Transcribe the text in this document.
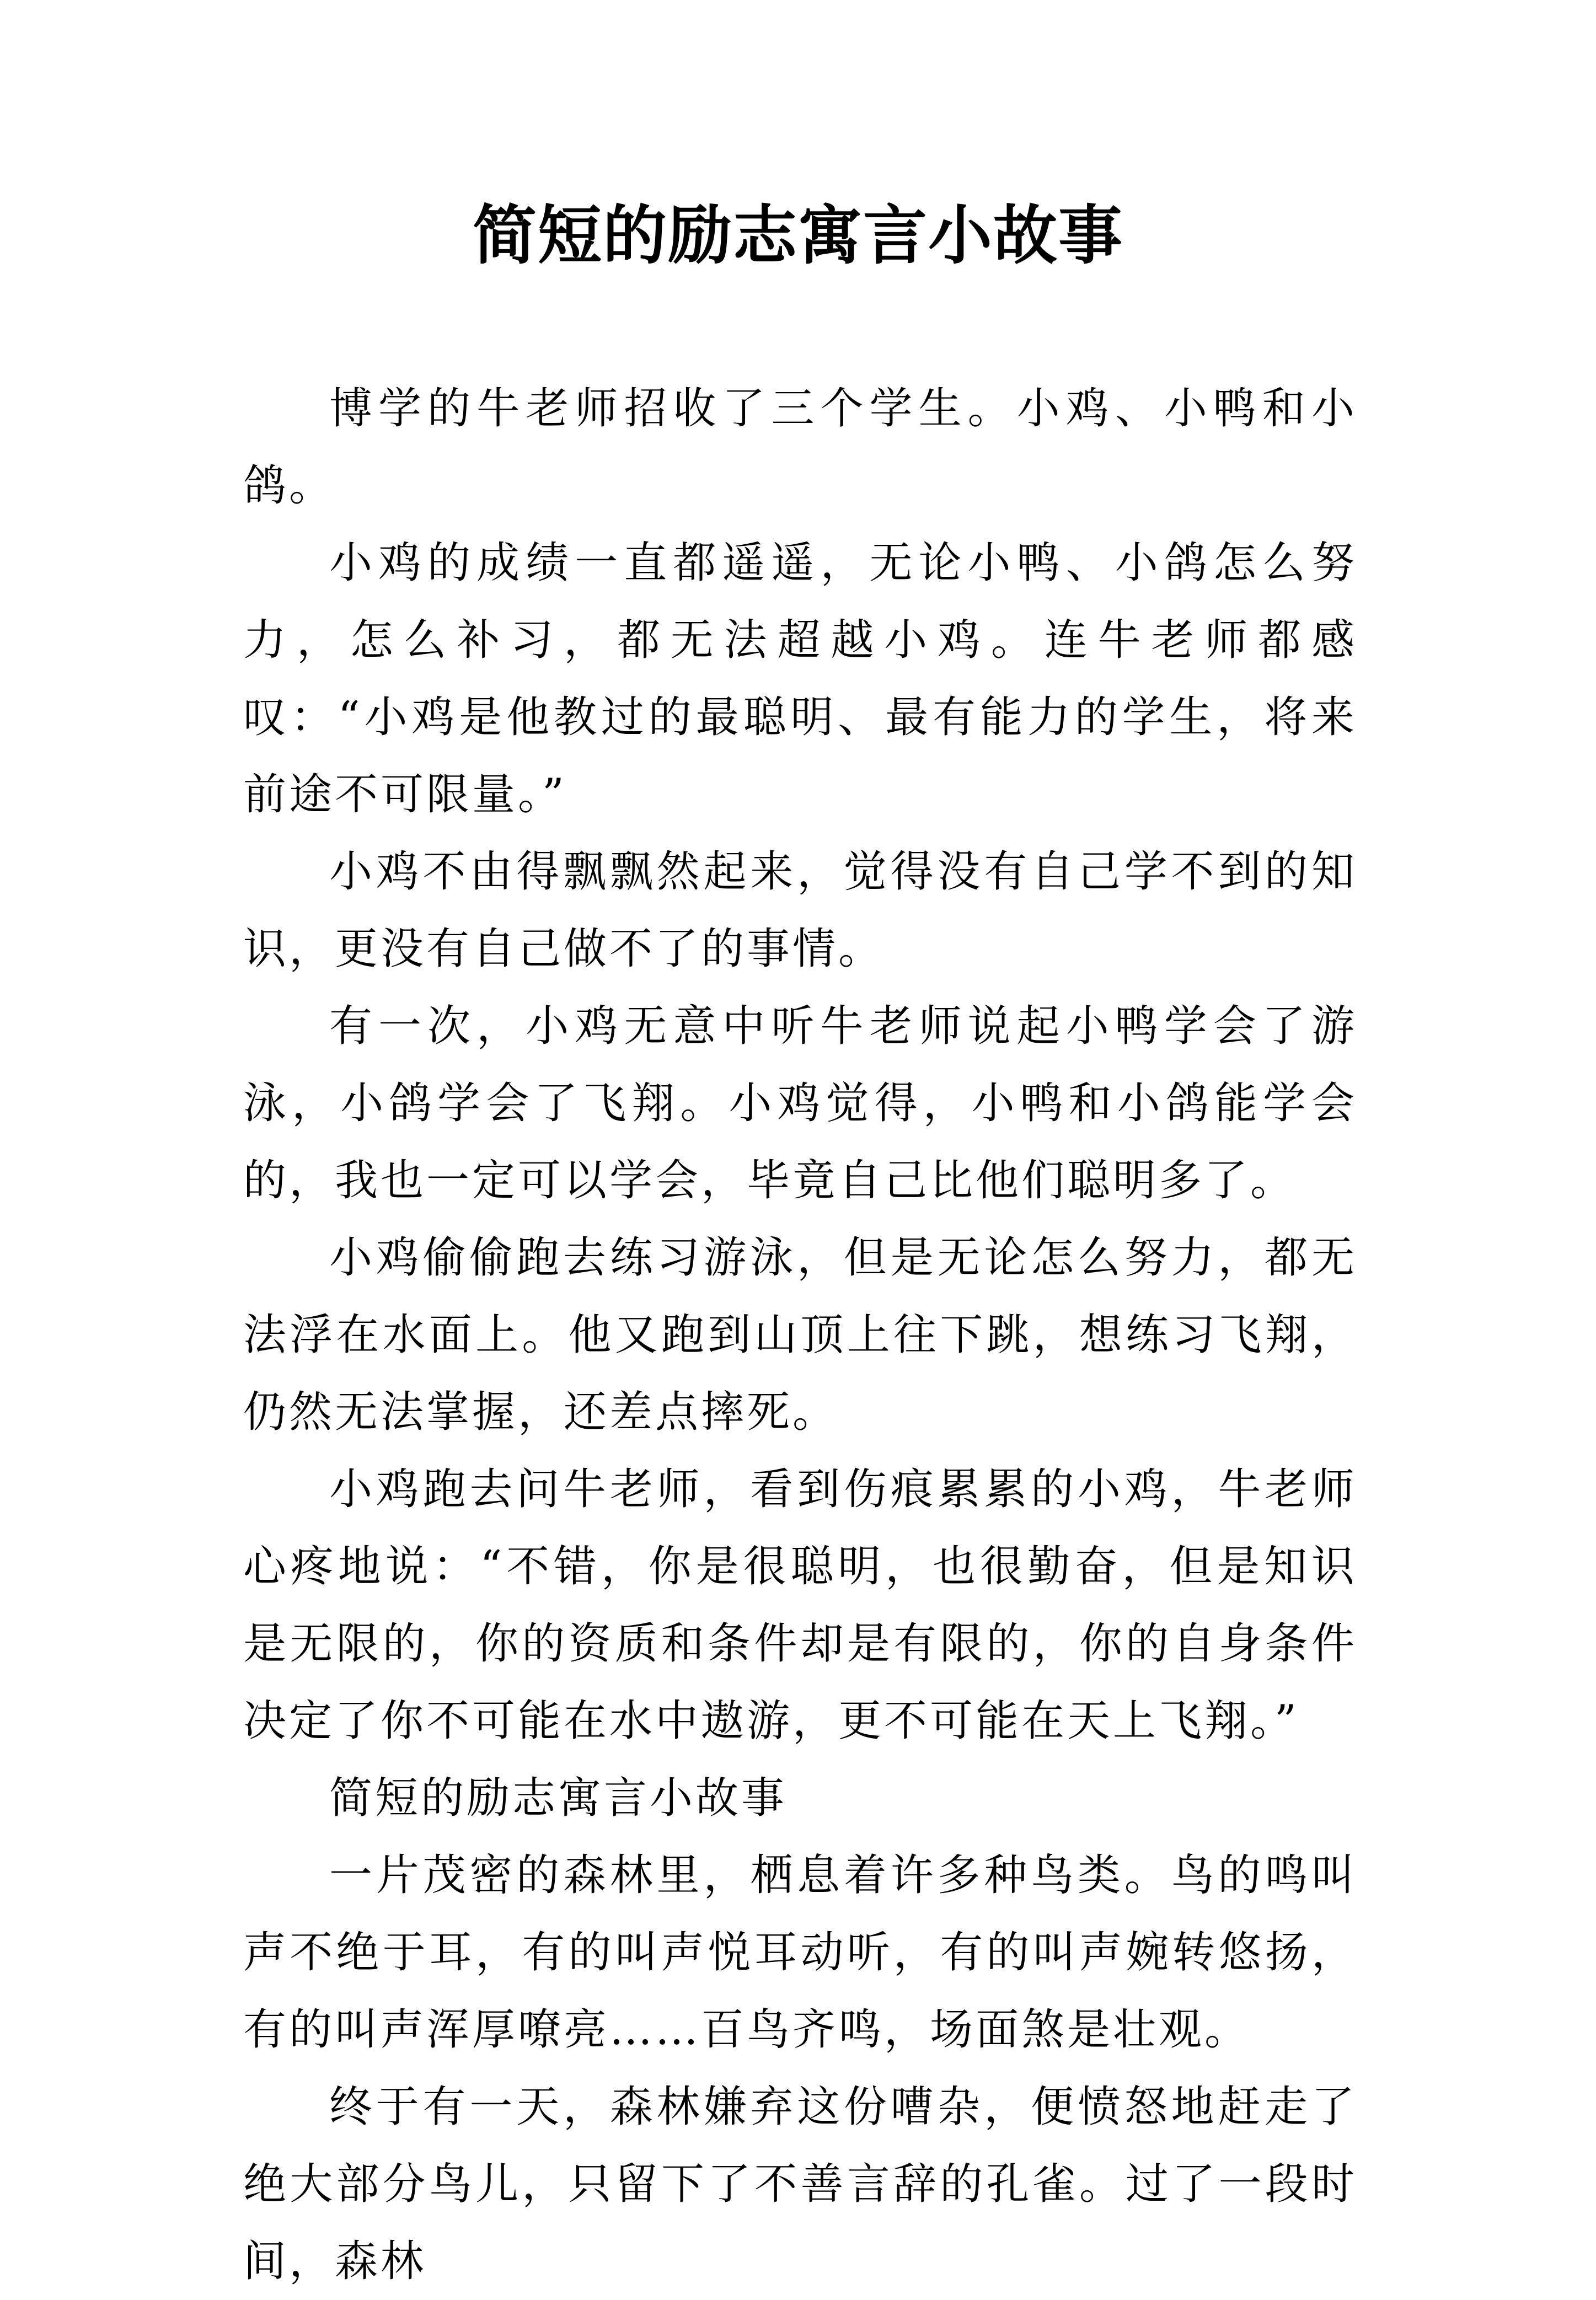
简短的励志寓言小故事

博学的牛老师招收了三个学生。小鸡、小鸭和小鸽。

小鸡的成绩一直都遥遥，无论小鸭、小鸽怎么努力，怎么补习，都无法超越小鸡。连牛老师都感叹：“小鸡是他教过的最聪明、最有能力的学生，将来前途不可限量。”

小鸡不由得飘飘然起来，觉得没有自己学不到的知识，更没有自己做不了的事情。

有一次，小鸡无意中听牛老师说起小鸭学会了游泳，小鸽学会了飞翔。小鸡觉得，小鸭和小鸽能学会的，我也一定可以学会，毕竟自己比他们聪明多了。

小鸡偷偷跑去练习游泳，但是无论怎么努力，都无法浮在水面上。他又跑到山顶上往下跳，想练习飞翔，仍然无法掌握，还差点摔死。

小鸡跑去问牛老师，看到伤痕累累的小鸡，牛老师心疼地说：“不错，你是很聪明，也很勤奋，但是知识是无限的，你的资质和条件却是有限的，你的自身条件决定了你不可能在水中遨游，更不可能在天上飞翔。”

简短的励志寓言小故事

一片茂密的森林里，栖息着许多种鸟类。鸟的鸣叫声不绝于耳，有的叫声悦耳动听，有的叫声婉转悠扬，有的叫声浑厚嘹亮……百鸟齐鸣，场面煞是壮观。

终于有一天，森林嫌弃这份嘈杂，便愤怒地赶走了绝大部分鸟儿，只留下了不善言辞的孔雀。过了一段时间，森林
